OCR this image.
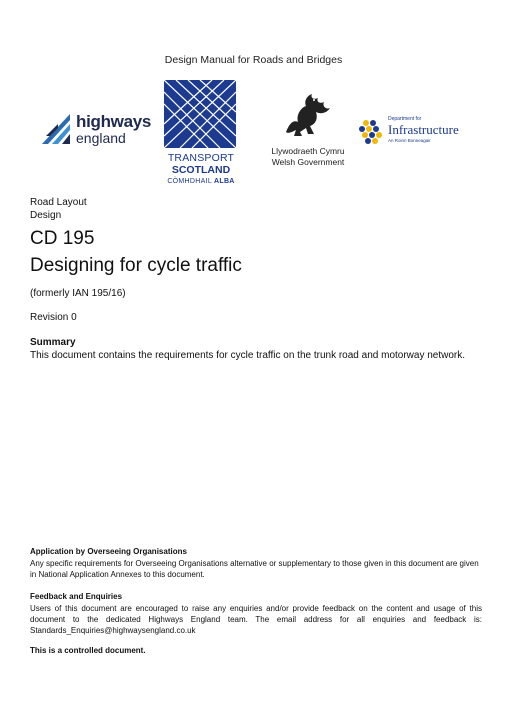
Design Manual for Roads and Bridges
highways
england
TRANSPORT
SCOTLAND
CÒMHDHAIL ALBA
Llywodraeth Cymru
Welsh Government
Department for
Infrastructure
An Roinn Bonneagair
Road Layout
Design
CD 195
Designing for cycle traffic
(formerly IAN 195/16)
Revision 0
Summary
This document contains the requirements for cycle traffic on the trunk road and motorway network.
Application by Overseeing Organisations
Any specific requirements for Overseeing Organisations alternative or supplementary to those given in this document are given in National Application Annexes to this document.
Feedback and Enquiries
Users of this document are encouraged to raise any enquiries and/or provide feedback on the content and usage of this document to the dedicated Highways England team. The email address for all enquiries and feedback is: Standards_Enquiries@highwaysengland.co.uk
This is a controlled document.
